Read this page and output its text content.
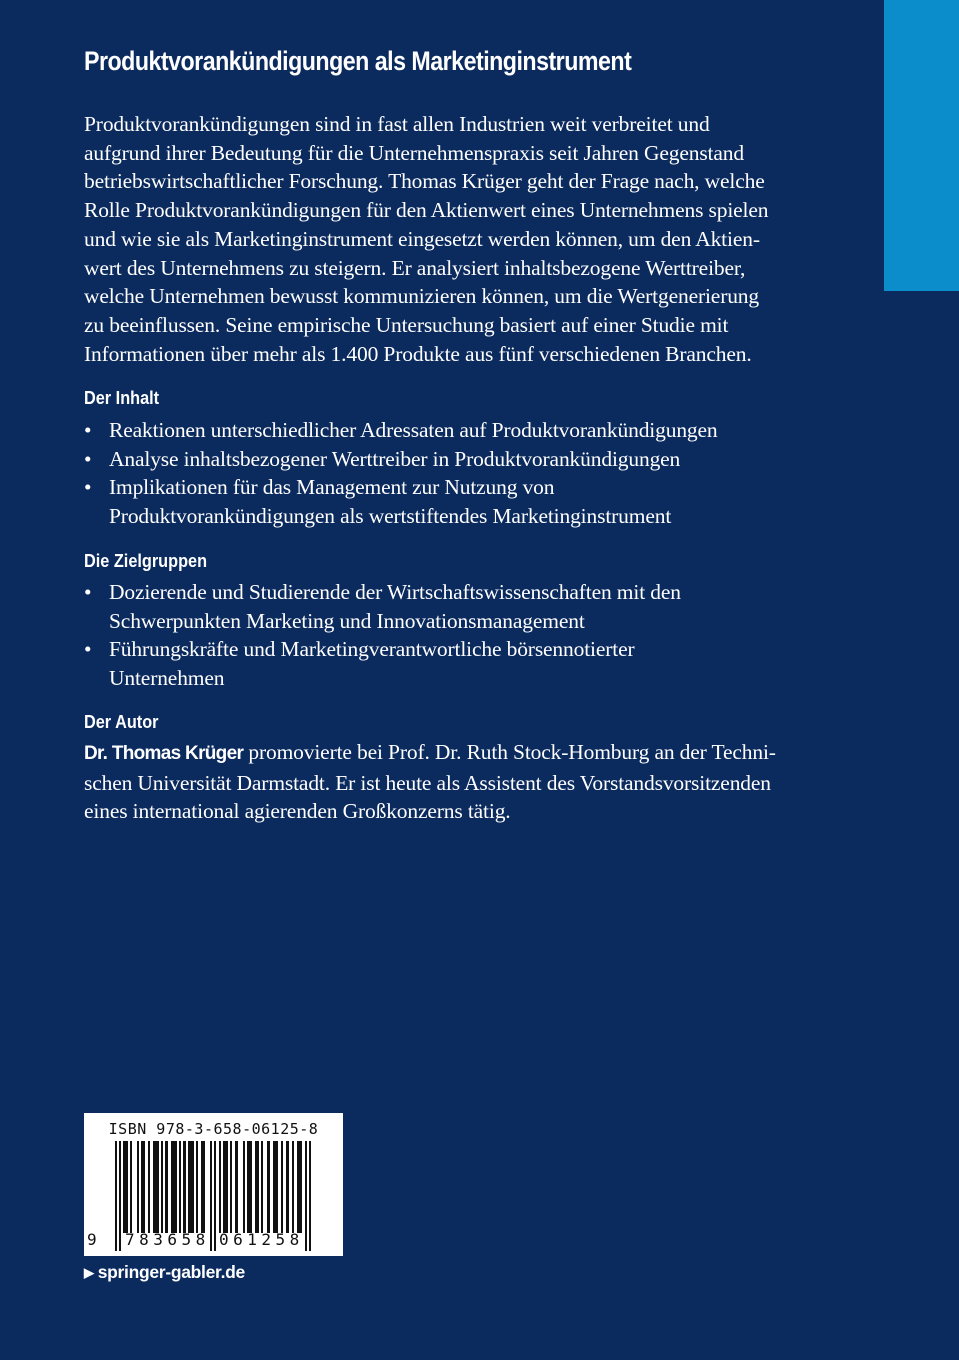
Produktvorankündigungen als Marketinginstrument

Produktvorankündigungen sind in fast allen Industrien weit verbreitet und
aufgrund ihrer Bedeutung für die Unternehmenspraxis seit Jahren Gegenstand
betriebswirtschaftlicher Forschung. Thomas Krüger geht der Frage nach, welche
Rolle Produktvorankündigungen für den Aktienwert eines Unternehmens spielen
und wie sie als Marketinginstrument eingesetzt werden können, um den Aktien-
wert des Unternehmens zu steigern. Er analysiert inhaltsbezogene Werttreiber,
welche Unternehmen bewusst kommunizieren können, um die Wertgenerierung
zu beeinflussen. Seine empirische Untersuchung basiert auf einer Studie mit
Informationen über mehr als 1.400 Produkte aus fünf verschiedenen Branchen.

Der Inhalt
• Reaktionen unterschiedlicher Adressaten auf Produktvorankündigungen
• Analyse inhaltsbezogener Werttreiber in Produktvorankündigungen
• Implikationen für das Management zur Nutzung von
Produktvorankündigungen als wertstiftendes Marketinginstrument
Die Zielgruppen
• Dozierende und Studierende der Wirtschaftswissenschaften mit den
Schwerpunkten Marketing und Innovationsmanagement
• Führungskräfte und Marketingverantwortliche börsennotierter
Unternehmen
Der Autor

Dr. Thomas Krüger promovierte bei Prof. Dr. Ruth Stock-Homburg an der Techni-
schen Universität Darmstadt. Er ist heute als Assistent des Vorstandsvorsitzenden
eines international agierenden Großkonzerns tätig.

ISBN 978-3-658-06125-8
9 783658 061258
▶ springer-gabler.de
